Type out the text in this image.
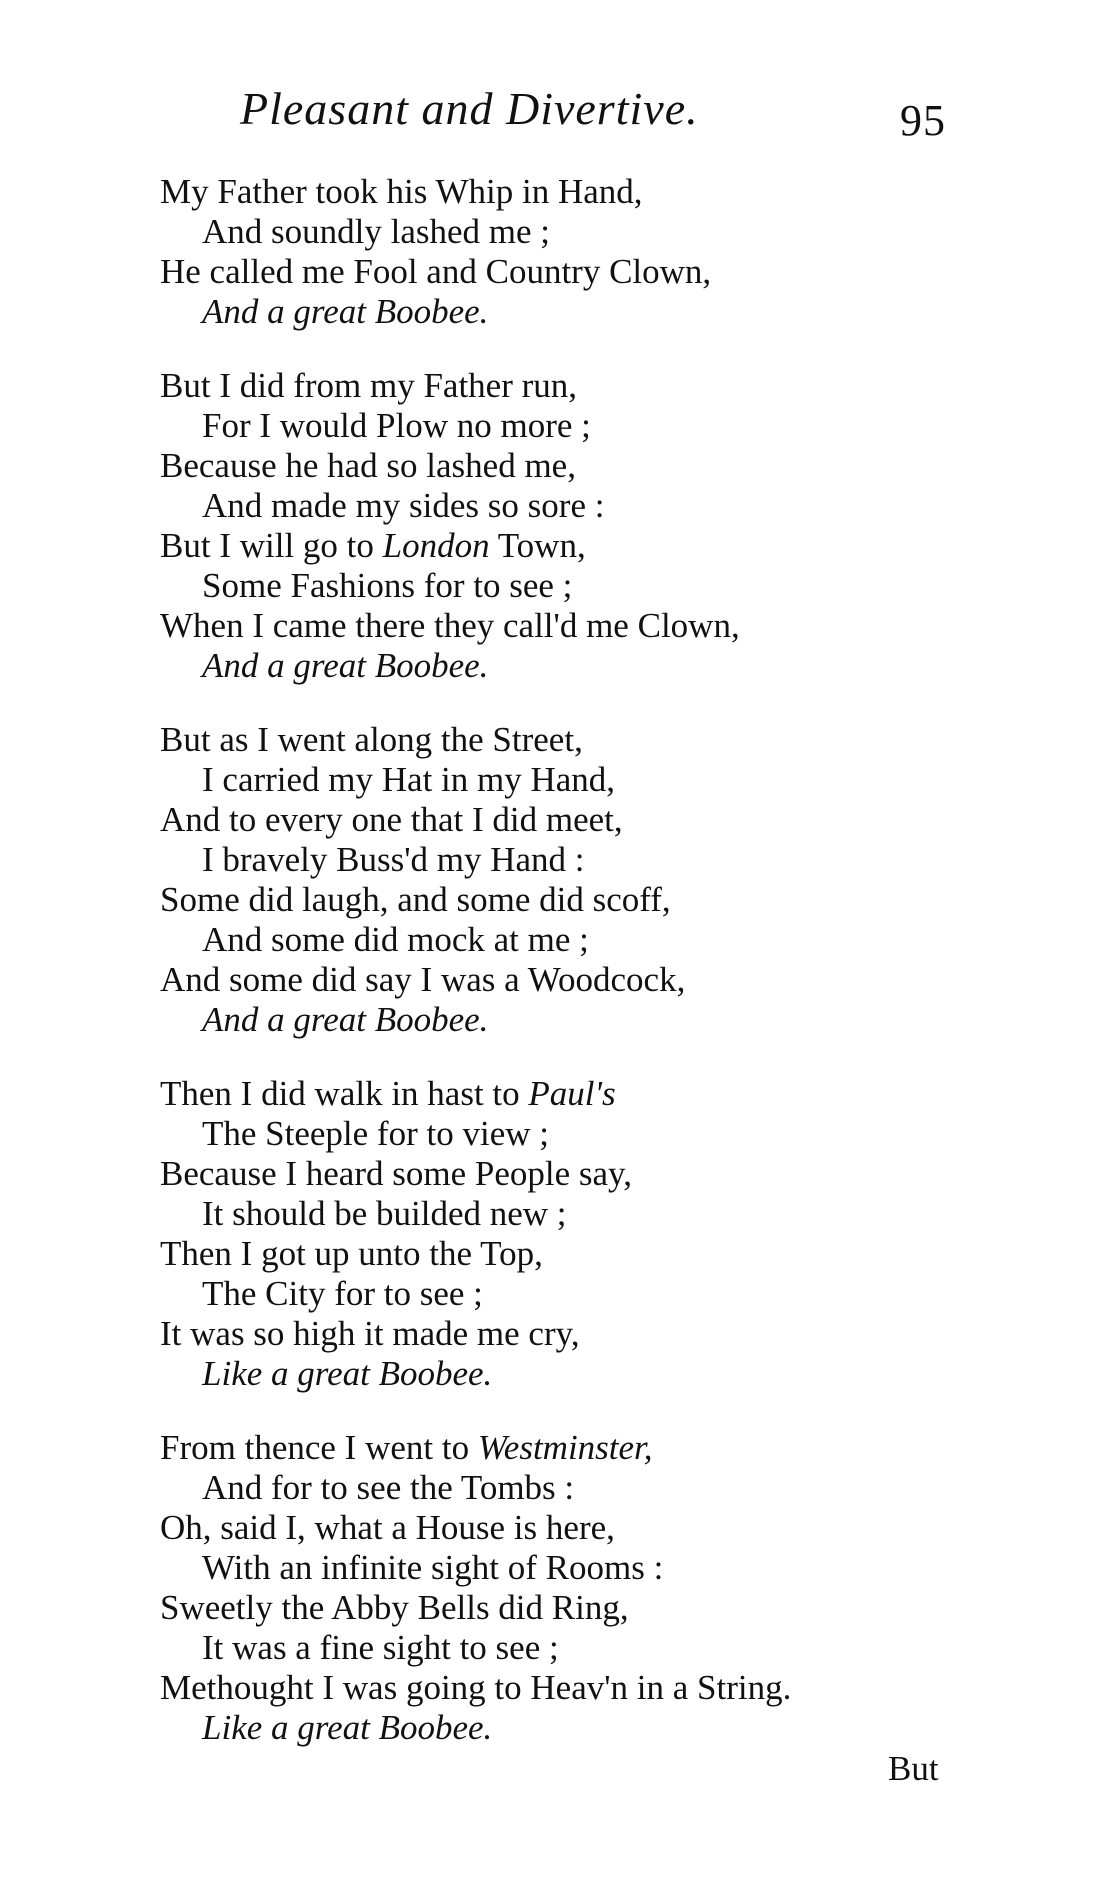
Pleasant and Divertive.	95
My Father took his Whip in Hand,
And soundly lashed me ;
He called me Fool and Country Clown,
And a great Boobee.
But I did from my Father run,
For I would Plow no more ;
Because he had so lashed me,
And made my sides so sore :
But I will go to London Town,
Some Fashions for to see ;
When I came there they call'd me Clown,
And a great Boobee.
But as I went along the Street,
I carried my Hat in my Hand,
And to every one that I did meet,
I bravely Buss'd my Hand :
Some did laugh, and some did scoff,
And some did mock at me ;
And some did say I was a Woodcock,
And a great Boobee.
Then I did walk in hast to Paul's
The Steeple for to view ;
Because I heard some People say,
It should be builded new ;
Then I got up unto the Top,
The City for to see ;
It was so high it made me cry,
Like a great Boobee.
From thence I went to Westminster,
And for to see the Tombs :
Oh, said I, what a House is here,
With an infinite sight of Rooms :
Sweetly the Abby Bells did Ring,
It was a fine sight to see ;
Methought I was going to Heav'n in a String.
Like a great Boobee.
But
